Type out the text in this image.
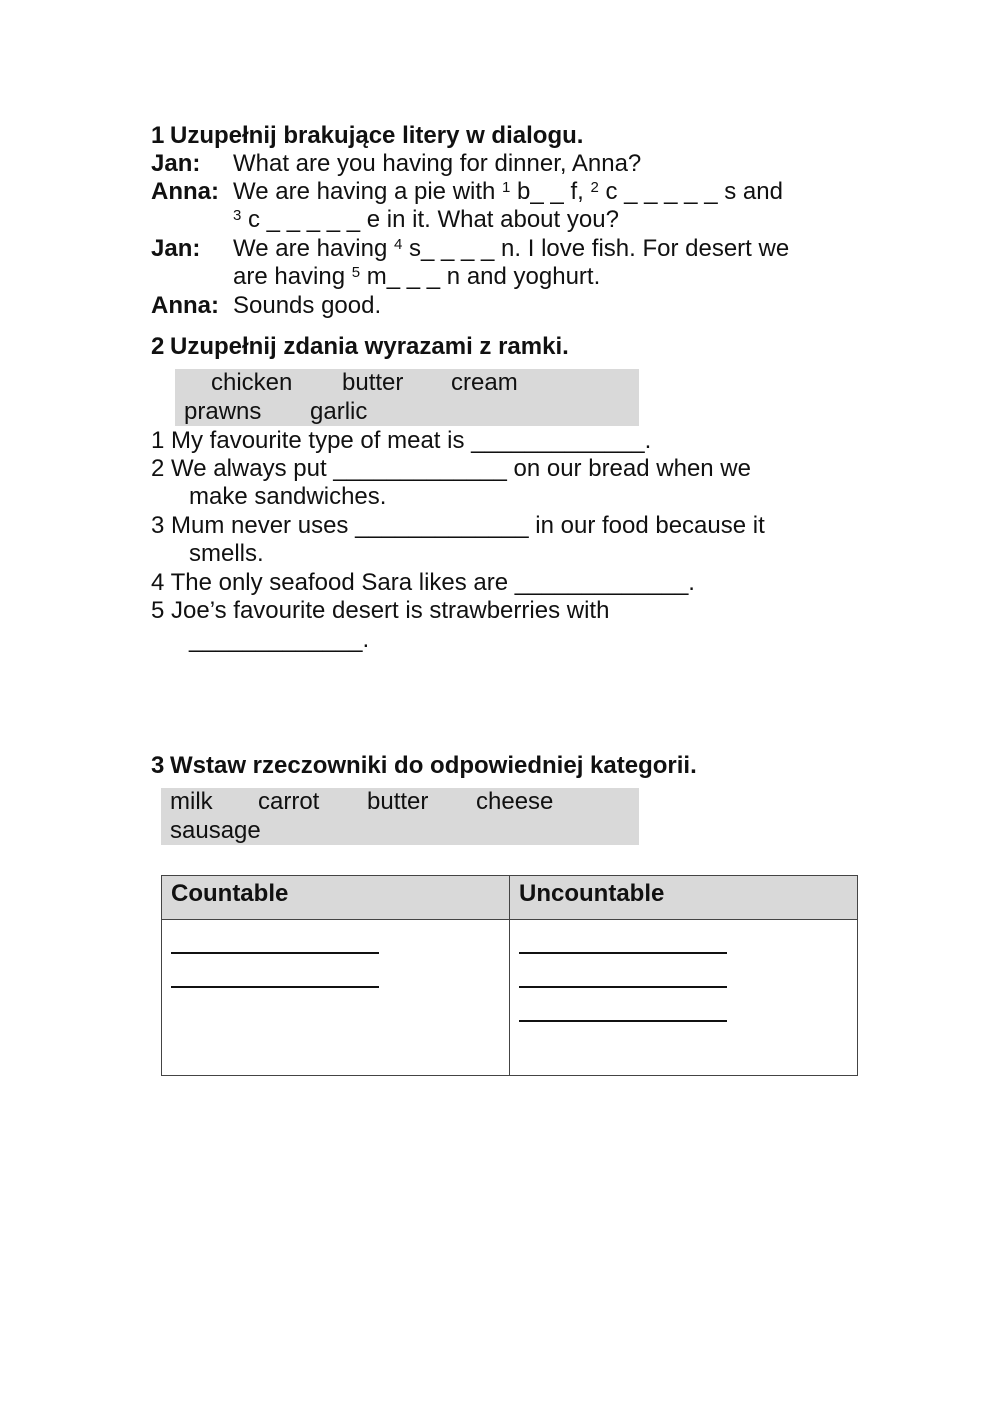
1 Uzupełnij brakujące litery w dialogu.
Jan: What are you having for dinner, Anna?
Anna: We are having a pie with $^1$ b_ _ f, $^2$ c _ _ _ _ _ s and
$^3$ c _ _ _ _ _ e in it. What about you?
Jan: We are having $^4$ s_ _ _ _ n. I love fish. For desert we
are having $^5$ m_ _ _ n and yoghurt.
Anna: Sounds good.
2 Uzupełnij zdania wyrazami z ramki.
chicken butter cream
prawns garlic
1 My favourite type of meat is _____________.
2 We always put _____________ on our bread when we
make sandwiches.
3 Mum never uses _____________ in our food because it
smells.
4 The only seafood Sara likes are _____________.
5 Joe’s favourite desert is strawberries with
_____________.
3 Wstaw rzeczowniki do odpowiedniej kategorii.
milk carrot butter cheese
sausage
Countable	Uncountable
